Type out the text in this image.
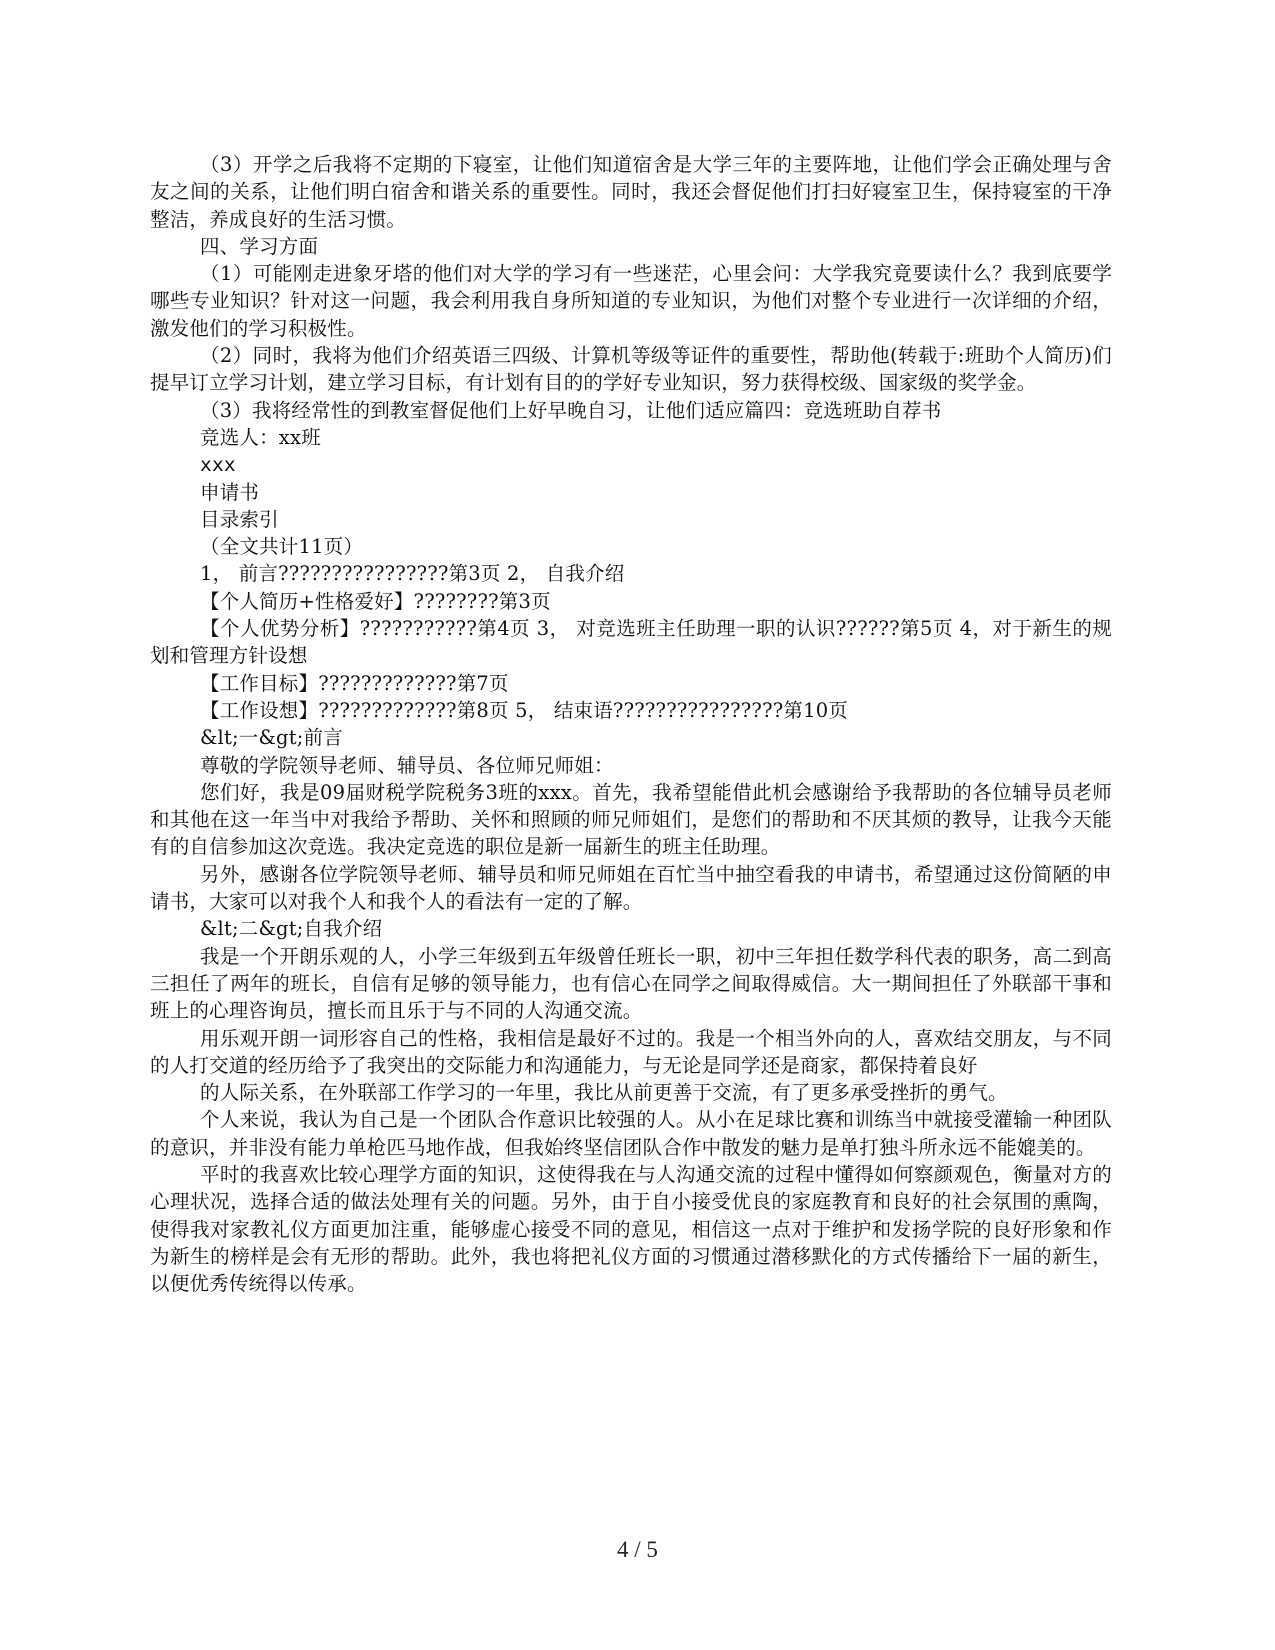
（3）开学之后我将不定期的下寝室，让他们知道宿舍是大学三年的主要阵地，让他们学会正确处理与舍友之间的关系，让他们明白宿舍和谐关系的重要性。同时，我还会督促他们打扫好寝室卫生，保持寝室的干净整洁，养成良好的生活习惯。

四、学习方面

（1）可能刚走进象牙塔的他们对大学的学习有一些迷茫，心里会问：大学我究竟要读什么？我到底要学哪些专业知识？针对这一问题，我会利用我自身所知道的专业知识，为他们对整个专业进行一次详细的介绍，激发他们的学习积极性。

（2）同时，我将为他们介绍英语三四级、计算机等级等证件的重要性，帮助他(转载于:班助个人简历)们提早订立学习计划，建立学习目标，有计划有目的的学好专业知识，努力获得校级、国家级的奖学金。

（3）我将经常性的到教室督促他们上好早晚自习，让他们适应篇四：竞选班助自荐书

竞选人：xx班

xxx

申请书

目录索引

（全文共计11页）

1， 前言????????????????第3页 2， 自我介绍

【个人简历+性格爱好】????????第3页

【个人优势分析】???????????第4页 3， 对竞选班主任助理一职的认识??????第5页 4，对于新生的规划和管理方针设想

【工作目标】?????????????第7页

【工作设想】?????????????第8页 5， 结束语????????????????第10页

&lt;一&gt;前言

尊敬的学院领导老师、辅导员、各位师兄师姐：

您们好，我是09届财税学院税务3班的xxx。首先，我希望能借此机会感谢给予我帮助的各位辅导员老师和其他在这一年当中对我给予帮助、关怀和照顾的师兄师姐们，是您们的帮助和不厌其烦的教导，让我今天能有的自信参加这次竞选。我决定竞选的职位是新一届新生的班主任助理。

另外，感谢各位学院领导老师、辅导员和师兄师姐在百忙当中抽空看我的申请书，希望通过这份简陋的申请书，大家可以对我个人和我个人的看法有一定的了解。

&lt;二&gt;自我介绍

我是一个开朗乐观的人，小学三年级到五年级曾任班长一职，初中三年担任数学科代表的职务，高二到高三担任了两年的班长，自信有足够的领导能力，也有信心在同学之间取得威信。大一期间担任了外联部干事和班上的心理咨询员，擅长而且乐于与不同的人沟通交流。

用乐观开朗一词形容自己的性格，我相信是最好不过的。我是一个相当外向的人，喜欢结交朋友，与不同的人打交道的经历给予了我突出的交际能力和沟通能力，与无论是同学还是商家，都保持着良好

的人际关系，在外联部工作学习的一年里，我比从前更善于交流，有了更多承受挫折的勇气。

个人来说，我认为自己是一个团队合作意识比较强的人。从小在足球比赛和训练当中就接受灌输一种团队的意识，并非没有能力单枪匹马地作战，但我始终坚信团队合作中散发的魅力是单打独斗所永远不能媲美的。

平时的我喜欢比较心理学方面的知识，这使得我在与人沟通交流的过程中懂得如何察颜观色，衡量对方的心理状况，选择合适的做法处理有关的问题。另外，由于自小接受优良的家庭教育和良好的社会氛围的熏陶，使得我对家教礼仪方面更加注重，能够虚心接受不同的意见，相信这一点对于维护和发扬学院的良好形象和作为新生的榜样是会有无形的帮助。此外，我也将把礼仪方面的习惯通过潜移默化的方式传播给下一届的新生，以便优秀传统得以传承。

4 / 5
